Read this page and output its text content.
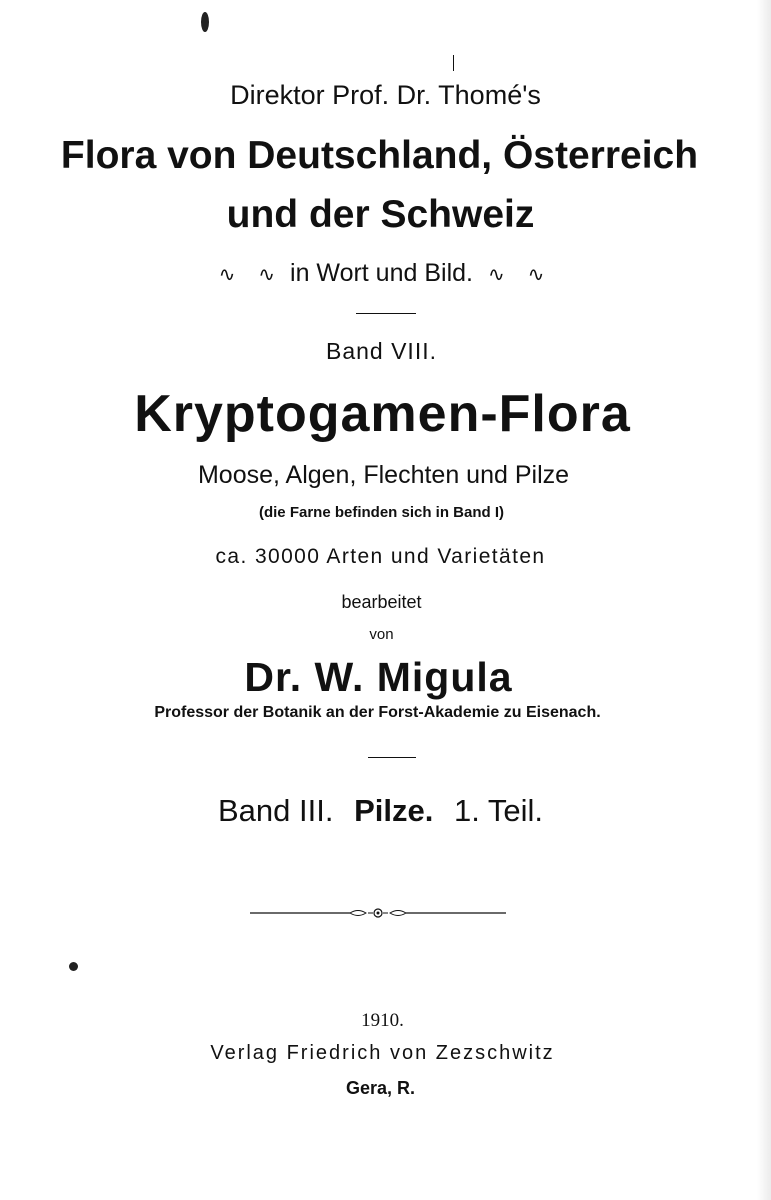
Direktor Prof. Dr. Thomé's
Flora von Deutschland, Österreich
und der Schweiz
∿ ∿ in Wort und Bild. ∿ ∿
Band VIII.
Kryptogamen-Flora
Moose, Algen, Flechten und Pilze
(die Farne befinden sich in Band I)
ca. 30000 Arten und Varietäten
bearbeitet
von
Dr. W. Migula
Professor der Botanik an der Forst-Akademie zu Eisenach.
Band III. Pilze. 1. Teil.
1910.
Verlag Friedrich von Zezschwitz
Gera, R.
